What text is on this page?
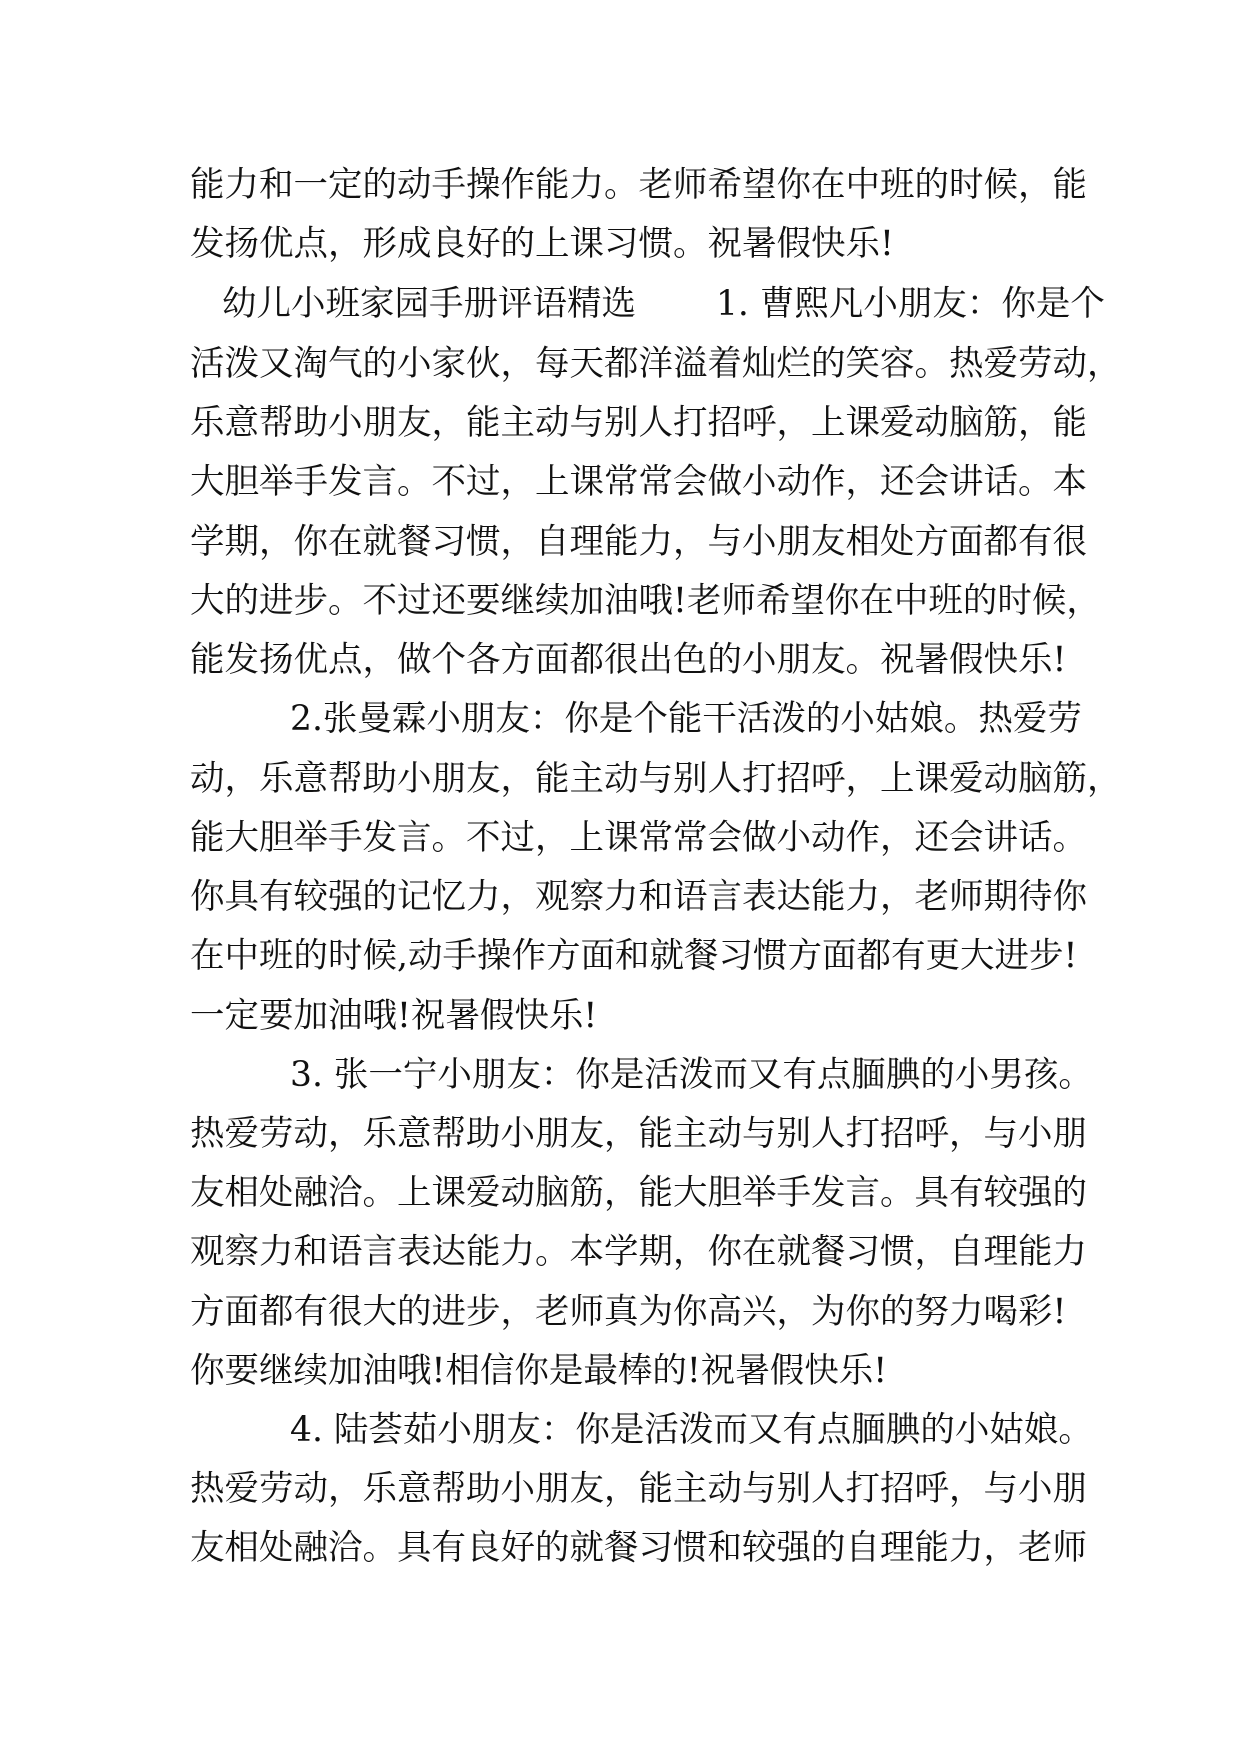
能力和一定的动手操作能力。老师希望你在中班的时候，能
发扬优点，形成良好的上课习惯。祝暑假快乐!
幼儿小班家园手册评语精选　　 1. 曹熙凡小朋友：你是个
活泼又淘气的小家伙，每天都洋溢着灿烂的笑容。热爱劳动，
乐意帮助小朋友，能主动与别人打招呼，上课爱动脑筋，能
大胆举手发言。不过，上课常常会做小动作，还会讲话。本
学期，你在就餐习惯，自理能力，与小朋友相处方面都有很
大的进步。不过还要继续加油哦!老师希望你在中班的时候，
能发扬优点，做个各方面都很出色的小朋友。祝暑假快乐!
2.张曼霖小朋友：你是个能干活泼的小姑娘。热爱劳
动，乐意帮助小朋友，能主动与别人打招呼，上课爱动脑筋，
能大胆举手发言。不过，上课常常会做小动作，还会讲话。
你具有较强的记忆力，观察力和语言表达能力，老师期待你
在中班的时候,动手操作方面和就餐习惯方面都有更大进步!
一定要加油哦!祝暑假快乐!
3. 张一宁小朋友：你是活泼而又有点腼腆的小男孩。
热爱劳动，乐意帮助小朋友，能主动与别人打招呼，与小朋
友相处融洽。上课爱动脑筋，能大胆举手发言。具有较强的
观察力和语言表达能力。本学期，你在就餐习惯，自理能力
方面都有很大的进步，老师真为你高兴，为你的努力喝彩!
你要继续加油哦!相信你是最棒的!祝暑假快乐!
4. 陆荟茹小朋友：你是活泼而又有点腼腆的小姑娘。
热爱劳动，乐意帮助小朋友，能主动与别人打招呼，与小朋
友相处融洽。具有良好的就餐习惯和较强的自理能力，老师
